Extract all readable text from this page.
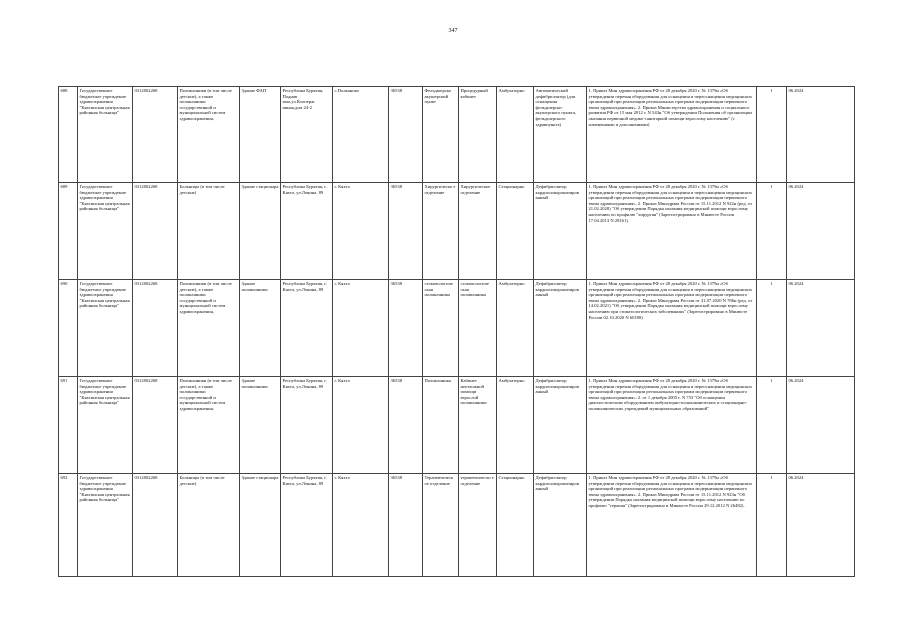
347
688	Государственное бюджетное учреждение здравоохранения "Кяхтинская центральная районная больница"	0312002268	Поликлиники (в том числе детские), а также поликлиники государственной и муниципальной систем здравоохранения,	Здание ФАП	Республика Бурятия, Поднав имо,ул.Коопераг ивная,дом 24-2	с.Полканово	36538	Фельдшерско акушерский пункт	Процедурный кабинет	Амбулаторно	Автоматический дефибриллятор (для оснащения фельдшерско-акушерского пункта, фельдшерского здравпункта)	1. Приказ Мин здравоохранения РФ от 28 декабря 2020 г. № 1379н «Об утверждении перечня оборудования для оснащения и переоснащения медицинских организаций при реализации региональных программ модернизации первичного звена здравоохранения». 2. Приказ Министерства здравоохранения и социального развития РФ от 15 мая 2012 г. N 543н "Об утверждении Положения об организации оказания первичной медико-санитарной помощи взрослому населению" (с изменениями и дополнениями)	1	06.2024
689	Государственное бюджетное учреждение здравоохранения "Кяхтинская центральная районная больница"	0312002268	Больницы (в том числе детские)	Здание стационара	Республика Бурятия, г. Кяхта, ул.Ленина, 89	г. Кяхта	36538	Хирургическо е отделение	Хирургическое отделение	Стационарно	Дефибриллятор кардиосинхронизиров анный	1. Приказ Мин здравоохранения РФ от 28 декабря 2020 г. № 1379н «Об утверждении перечня оборудования для оснащения и переоснащения медицинских организаций при реализации региональных программ модернизации первичного звена здравоохранения». 2. Приказ Минздрава России от 15.11.2012 N 922н (ред. от 21.02.2020) "Об утверждении Порядка оказания медицинской помощи взрослому населению по профилю "хирургия" (Зарегистрировано в Минюсте России 17.04.2013 N 28161).	1	06.2024
690	Государственное бюджетное учреждение здравоохранения "Кяхтинская центральная районная больница"	0312002268	Поликлиники (в том числе детские), а также поликлиники государственной и муниципальной систем здравоохранения,	Здание поликлиники	Республика Бурятия, г. Кяхта, ул.Ленина, 89	г. Кяхта	36538	стоматологиче ская поликлиника	стоматологиче ская поликлиника	Амбулаторно	Дефибриллятор кардиосинхронизиров анный	1. Приказ Мин здравоохранения РФ от 28 декабря 2020 г. № 1379н «Об утверждении перечня оборудования для оснащения и переоснащения медицинских организаций при реализации региональных программ модернизации первичного звена здравоохранения». 2. Приказ Минздрава России от 31.07.2020 N 786н (ред. от 14.02.2021) "Об утверждении Порядка оказания медицинской помощи взрослому населению при стоматологических заболеваниях" (Зарегистрировано в Минюсте России 02.10.2020 N 60188)	1	06.2024
691	Государственное бюджетное учреждение здравоохранения "Кяхтинская центральная районная больница"	0312002268	Поликлиники (в том числе детские), а также поликлиники государственной и муниципальной систем здравоохранения,	Здание поликлиники	Республика Бурятия, г. Кяхта, ул.Ленина, 89	г. Кяхта	36538	Поликлиника	Кабинет неотложной помощи взрослой поликлиники	Амбулаторно	Дефибриллятор кардиосинхронизиров анный	1. Приказ Мин здравоохранения РФ от 28 декабря 2020 г. № 1379н «Об утверждении перечня оборудования для оснащения и переоснащения медицинских организаций при реализации региональных программ модернизации первичного звена здравоохранения». 2. от 1 декабря 2005 г. N 753 "Об оснащении диагностическим оборудованием амбулаторно-поликлинических и стационарно-поликлинических учреждений муниципальных образований"	1	06.2024
692	Государственное бюджетное учреждение здравоохранения "Кяхтинская центральная районная больница"	0312002268	Больницы (в том числе детские)	Здание стационара	Республика Бурятия, г. Кяхта, ул.Ленина, 89	г. Кяхта	36538	Терапевтическ ое отделение	терапевтическо е отделение	Стационарно	Дефибриллятор кардиосинхронизиров анный	1. Приказ Мин здравоохранения РФ от 28 декабря 2020 г. № 1379н «Об утверждении перечня оборудования для оснащения и переоснащения медицинских организаций при реализации региональных программ модернизации первичного звена здравоохранения». 2. Приказ Минздрава России от 15.11.2012 N 923н "Об утверждении Порядка оказания медицинской помощи взрослому населению по профилю "терапия" (Зарегистрировано в Минюсте России 29.12.2012 N 26482).	1	06.2024
